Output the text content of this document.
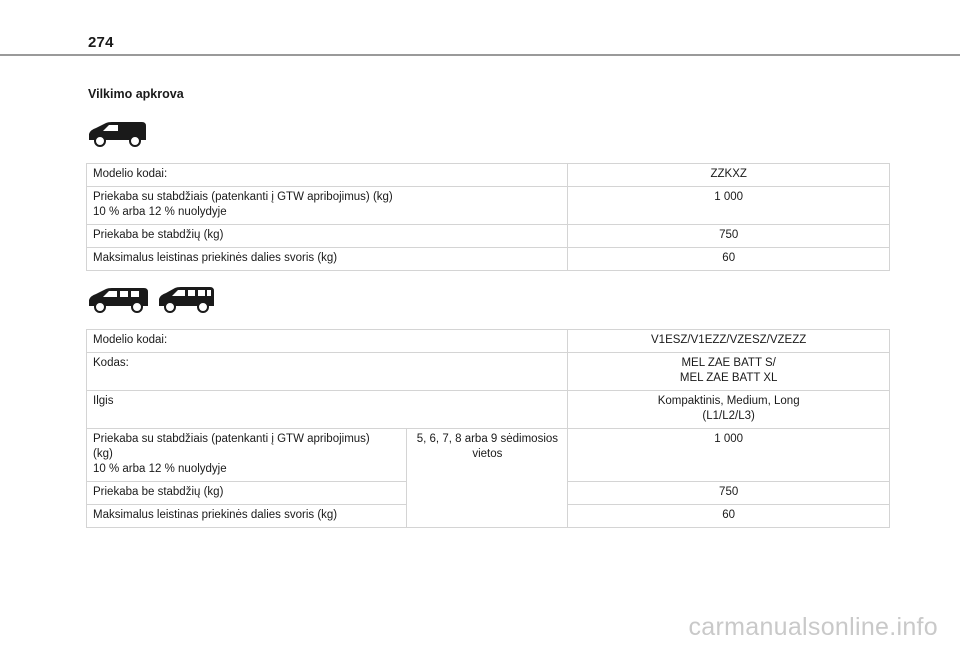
274
Vilkimo apkrova
Modelio kodai:	ZZKXZ

Priekaba su stabdžiais (patenkanti į GTW apribojimus) (kg)
10 % arba 12 % nuolydyje	1 000
Priekaba be stabdžių (kg)	750
Maksimalus leistinas priekinės dalies svoris (kg)	60
Modelio kodai:		V1ESZ/V1EZZ/VZESZ/VZEZZ
Kodas:		MEL ZAE BATT S/
MEL ZAE BATT XL

Ilgis		Kompaktinis, Medium, Long
(L1/L2/L3)

Priekaba su stabdžiais (patenkanti į GTW apribojimus)
(kg)
10 % arba 12 % nuolydyje	5, 6, 7, 8 arba 9 sėdimosios
vietos	1 000
Priekaba be stabdžių (kg)		750
Maksimalus leistinas priekinės dalies svoris (kg)		60
carmanualsonline.info
